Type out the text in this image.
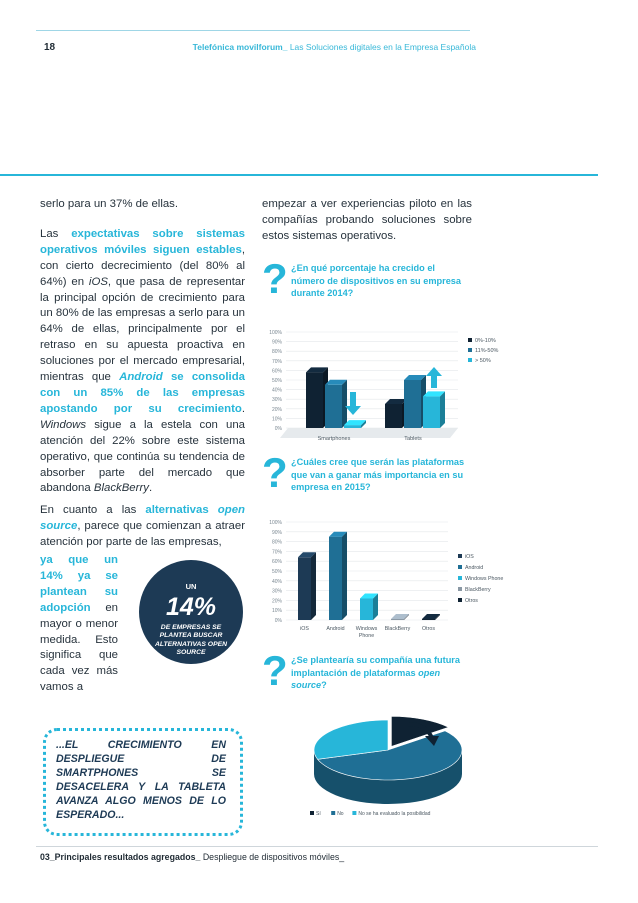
18	Telefónica movilforum_ Las Soluciones digitales en la Empresa Española

serlo para un 37% de ellas.

Las expectativas sobre sistemas operativos móviles siguen estables, con cierto decrecimiento (del 80% al 64%) en iOS, que pasa de representar la principal opción de crecimiento para un 80% de las empresas a serlo para un 64% de ellas, principalmente por el retraso en su apuesta proactiva en soluciones por el mercado empresarial, mientras que Android se consolida con un 85% de las empresas apostando por su crecimiento. Windows sigue a la estela con una atención del 22% sobre este sistema operativo, que continúa su tendencia de absorber parte del mercado que abandona BlackBerry.

En cuanto a las alternativas open source, parece que comienzan a atraer atención por parte de las empresas,
ya que un 14% ya se plantean su adopción en mayor o menor medida. Esto significa que cada vez más vamos a
UN
14%
DE EMPRESAS SE PLANTEA BUSCAR ALTERNATIVAS OPEN SOURCE
...EL CRECIMIENTO EN DESPLIEGUE DE SMARTPHONES SE DESACELERA Y LA TABLETA AVANZA ALGO MENOS DE LO ESPERADO...
empezar a ver experiencias piloto en las compañías probando soluciones sobre estos sistemas operativos.
? ¿En qué porcentaje ha crecido el número de dispositivos en su empresa durante 2014?
0%
10%
20%
30%
40%
50%
60%
70%
80%
90%
100%
Smartphones	Tablets
0%-10%
11%-50%
> 50%
? ¿Cuáles cree que serán las plataformas que van a ganar más importancia en su empresa en 2015?
0%
10%
20%
30%
40%
50%
60%
70%
80%
90%
100%
iOS	Android Windows
Phone
BlackBerry Otros
iOS
Android
Windows Phone
BlackBerry
Otros
? ¿Se plantearía su compañía una futura implantación de plataformas open source?
Sí	No	No se ha evaluado la posibilidad
03_Principales resultados agregados_ Despliegue de dispositivos móviles_
